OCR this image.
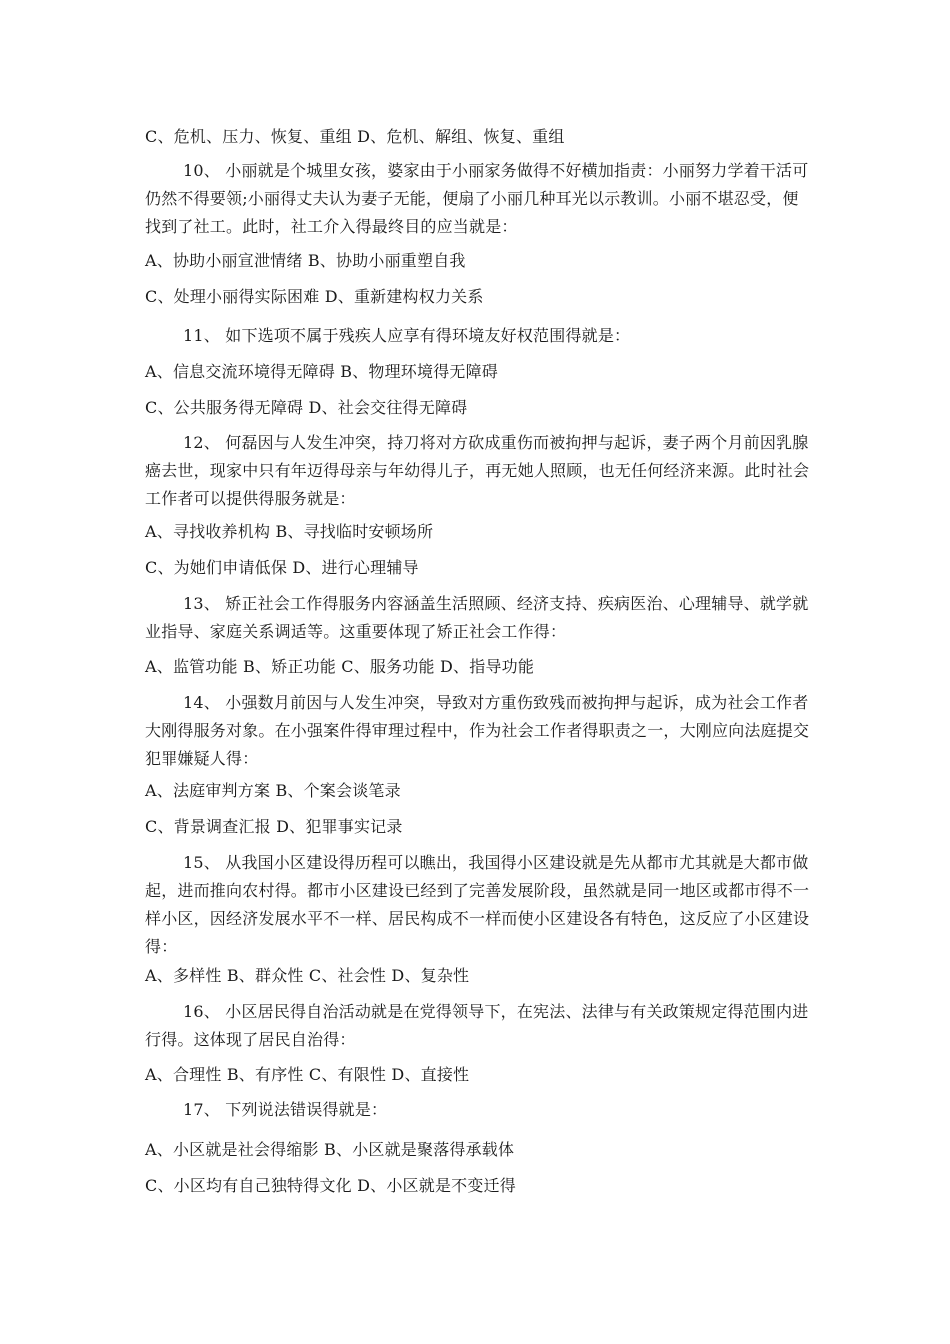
C、危机、压力、恢复、重组 D、危机、解组、恢复、重组
10、 小丽就是个城里女孩，婆家由于小丽家务做得不好横加指责：小丽努力学着干活可仍然不得要领;小丽得丈夫认为妻子无能，便扇了小丽几种耳光以示教训。小丽不堪忍受，便找到了社工。此时，社工介入得最终目的应当就是：
A、协助小丽宣泄情绪 B、协助小丽重塑自我
C、处理小丽得实际困难 D、重新建构权力关系
11、 如下选项不属于残疾人应享有得环境友好权范围得就是：
A、信息交流环境得无障碍 B、物理环境得无障碍
C、公共服务得无障碍 D、社会交往得无障碍
12、 何磊因与人发生冲突，持刀将对方砍成重伤而被拘押与起诉，妻子两个月前因乳腺癌去世，现家中只有年迈得母亲与年幼得儿子，再无她人照顾，也无任何经济来源。此时社会工作者可以提供得服务就是：
A、寻找收养机构 B、寻找临时安顿场所
C、为她们申请低保 D、进行心理辅导
13、 矫正社会工作得服务内容涵盖生活照顾、经济支持、疾病医治、心理辅导、就学就业指导、家庭关系调适等。这重要体现了矫正社会工作得：
A、监管功能 B、矫正功能 C、服务功能 D、指导功能
14、 小强数月前因与人发生冲突，导致对方重伤致残而被拘押与起诉，成为社会工作者大刚得服务对象。在小强案件得审理过程中，作为社会工作者得职责之一，大刚应向法庭提交犯罪嫌疑人得：
A、法庭审判方案 B、个案会谈笔录
C、背景调查汇报 D、犯罪事实记录
15、 从我国小区建设得历程可以瞧出，我国得小区建设就是先从都市尤其就是大都市做起，进而推向农村得。都市小区建设已经到了完善发展阶段，虽然就是同一地区或都市得不一样小区，因经济发展水平不一样、居民构成不一样而使小区建设各有特色，这反应了小区建设得：
A、多样性 B、群众性 C、社会性 D、复杂性
16、 小区居民得自治活动就是在党得领导下，在宪法、法律与有关政策规定得范围内进行得。这体现了居民自治得：
A、合理性 B、有序性 C、有限性 D、直接性
17、 下列说法错误得就是：
A、小区就是社会得缩影 B、小区就是聚落得承载体
C、小区均有自己独特得文化 D、小区就是不变迁得
